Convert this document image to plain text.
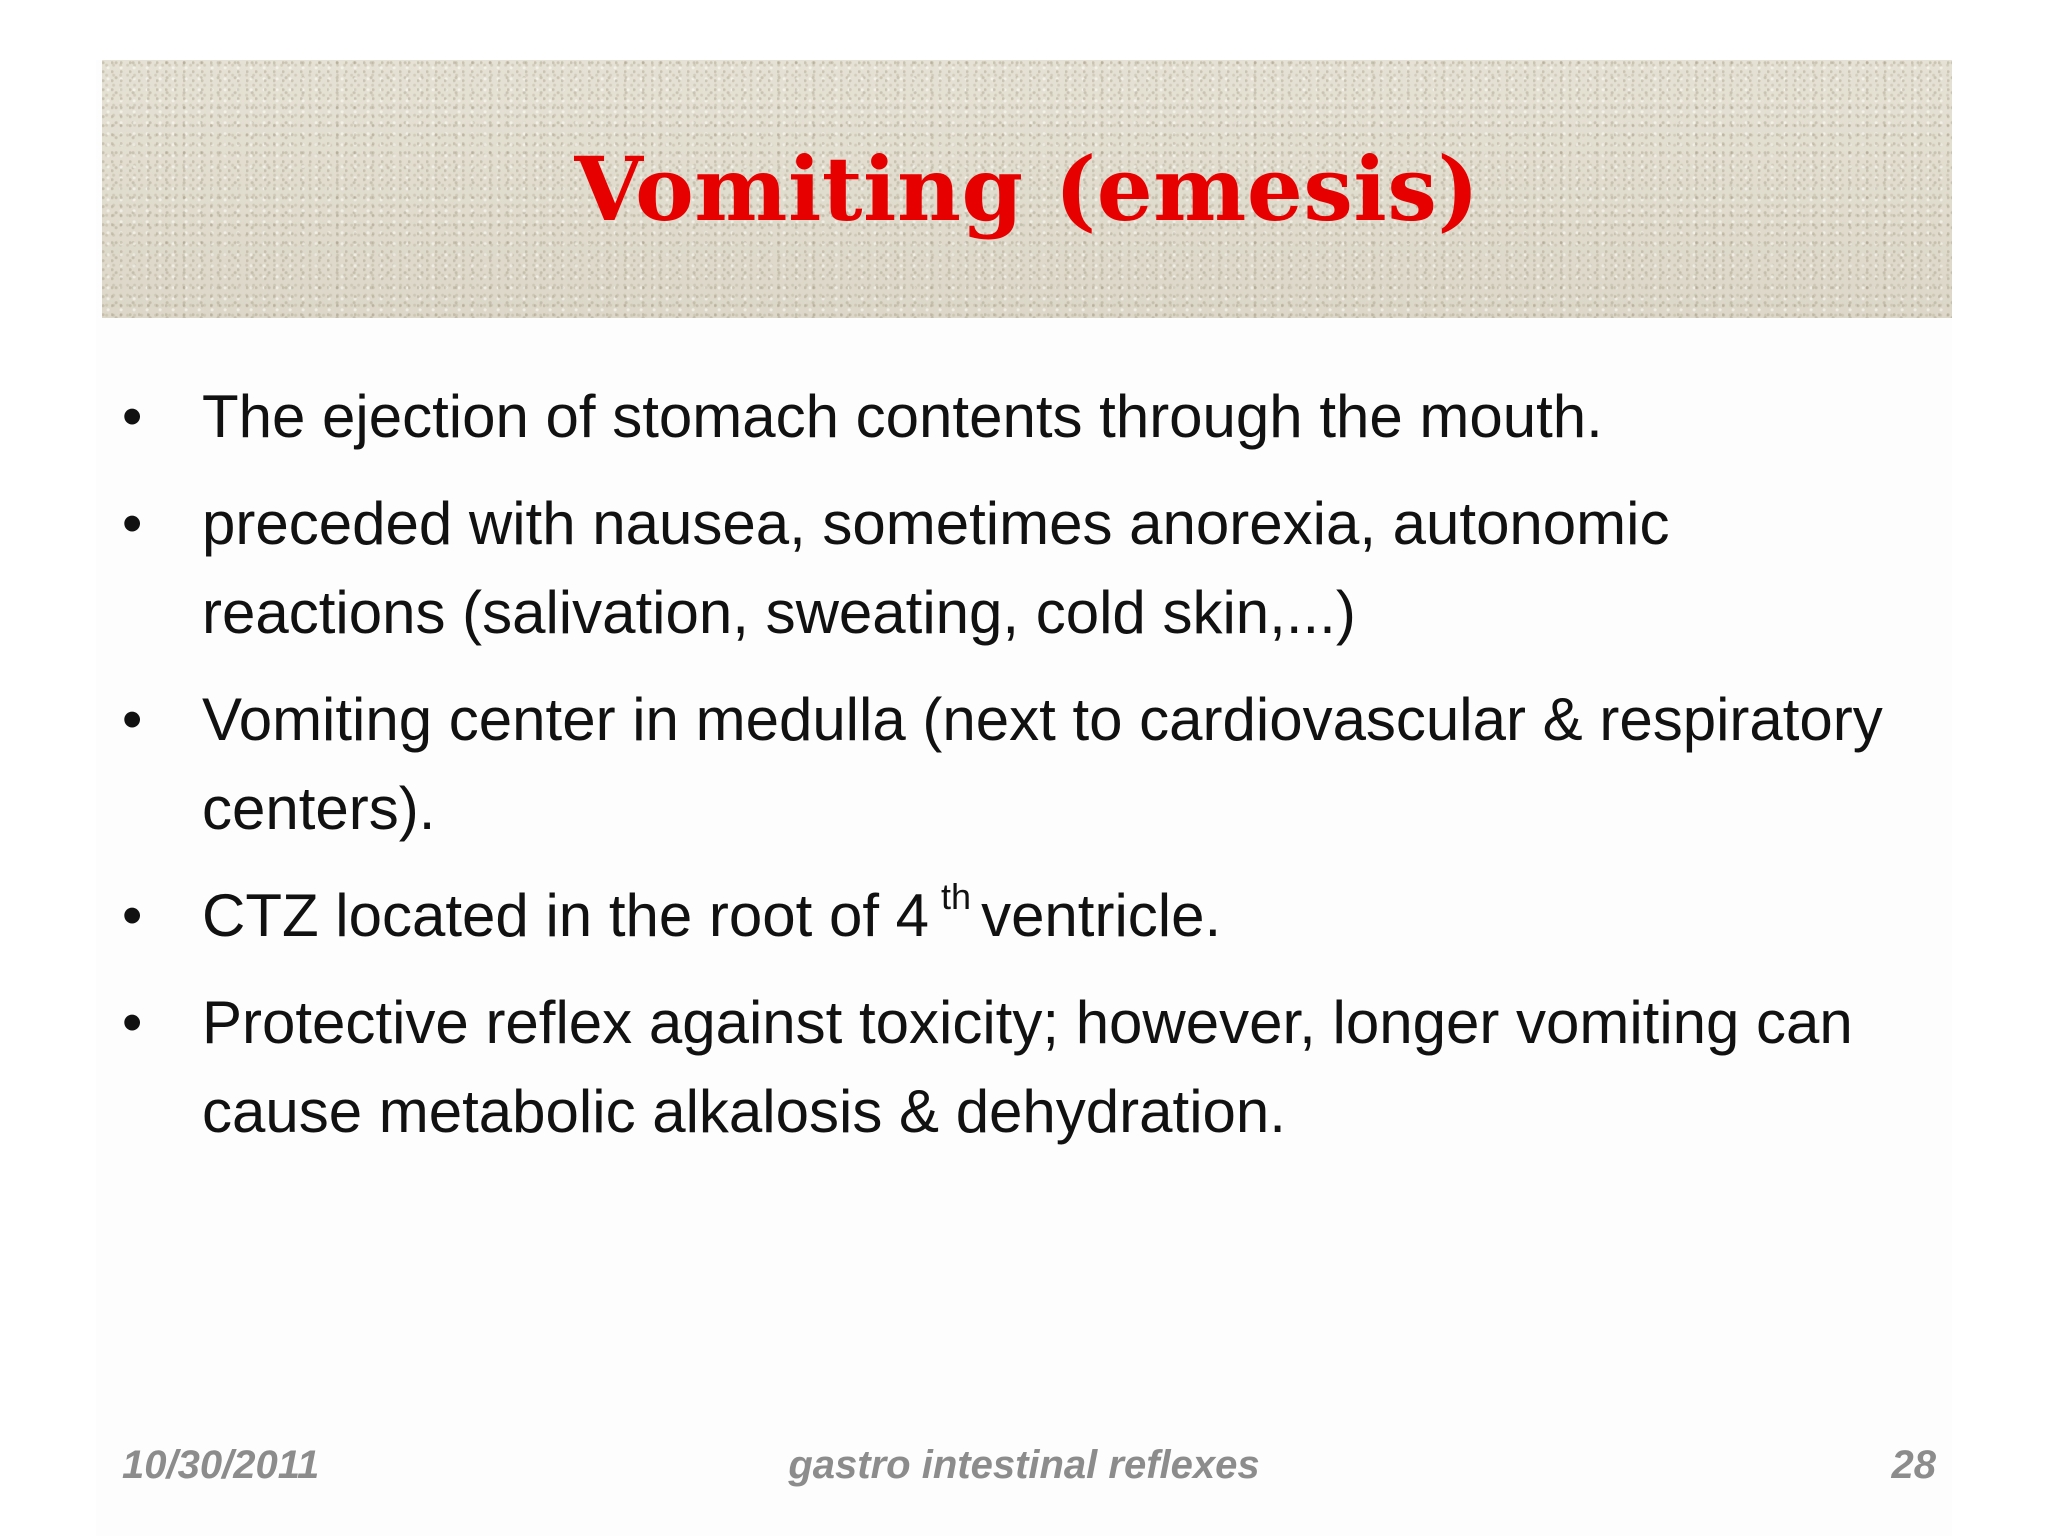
Vomiting (emesis)
• The ejection of stomach contents through the mouth.
• preceded with nausea, sometimes anorexia, autonomic reactions (salivation, sweating, cold skin,...)
• Vomiting center in medulla (next to cardiovascular & respiratory centers).
• CTZ located in the root of 4 $^{th}$ ventricle.
• Protective reflex against toxicity; however, longer vomiting can cause metabolic alkalosis & dehydration.
10/30/2011	gastro intestinal reflexes	28
